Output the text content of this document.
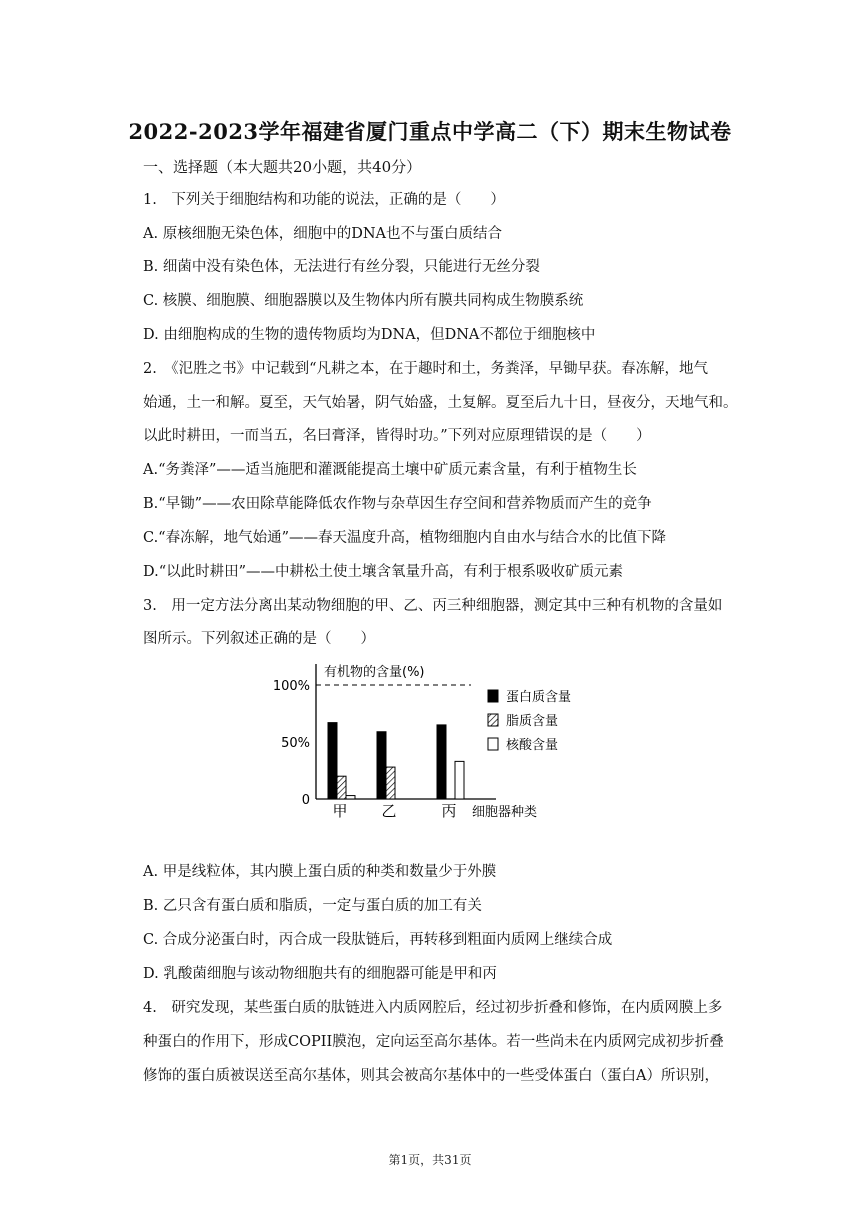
2022-2023学年福建省厦门重点中学高二（下）期末生物试卷
一、选择题（本大题共20小题，共40分）
1.　下列关于细胞结构和功能的说法，正确的是（　　）
A. 原核细胞无染色体，细胞中的DNA也不与蛋白质结合
B. 细菌中没有染色体，无法进行有丝分裂，只能进行无丝分裂
C. 核膜、细胞膜、细胞器膜以及生物体内所有膜共同构成生物膜系统
D. 由细胞构成的生物的遗传物质均为DNA，但DNA不都位于细胞核中
2.　《氾胜之书》中记载到“凡耕之本，在于趣时和土，务粪泽，早锄早获。春冻解，地气
始通，土一和解。夏至，天气始暑，阴气始盛，土复解。夏至后九十日，昼夜分，天地气和。
以此时耕田，一而当五，名曰膏泽，皆得时功。”下列对应原理错误的是（　　）
A.“务粪泽”——适当施肥和灌溉能提高土壤中矿质元素含量，有利于植物生长
B.“早锄”——农田除草能降低农作物与杂草因生存空间和营养物质而产生的竞争
C.“春冻解，地气始通”——春天温度升高，植物细胞内自由水与结合水的比值下降
D.“以此时耕田”——中耕松土使土壤含氧量升高，有利于根系吸收矿质元素
3.　用一定方法分离出某动物细胞的甲、乙、丙三种细胞器，测定其中三种有机物的含量如
图所示。下列叙述正确的是（　　）
有机物的含量(%)
细胞器种类
0
50%
100%
甲 乙	丙
蛋白质含量
脂质含量
核酸含量
A. 甲是线粒体，其内膜上蛋白质的种类和数量少于外膜
B. 乙只含有蛋白质和脂质，一定与蛋白质的加工有关
C. 合成分泌蛋白时，丙合成一段肽链后，再转移到粗面内质网上继续合成
D. 乳酸菌细胞与该动物细胞共有的细胞器可能是甲和丙
4.　研究发现，某些蛋白质的肽链进入内质网腔后，经过初步折叠和修饰，在内质网膜上多
种蛋白的作用下，形成COPII膜泡，定向运至高尔基体。若一些尚未在内质网完成初步折叠
修饰的蛋白质被误送至高尔基体，则其会被高尔基体中的一些受体蛋白（蛋白A）所识别，
第1页，共31页
